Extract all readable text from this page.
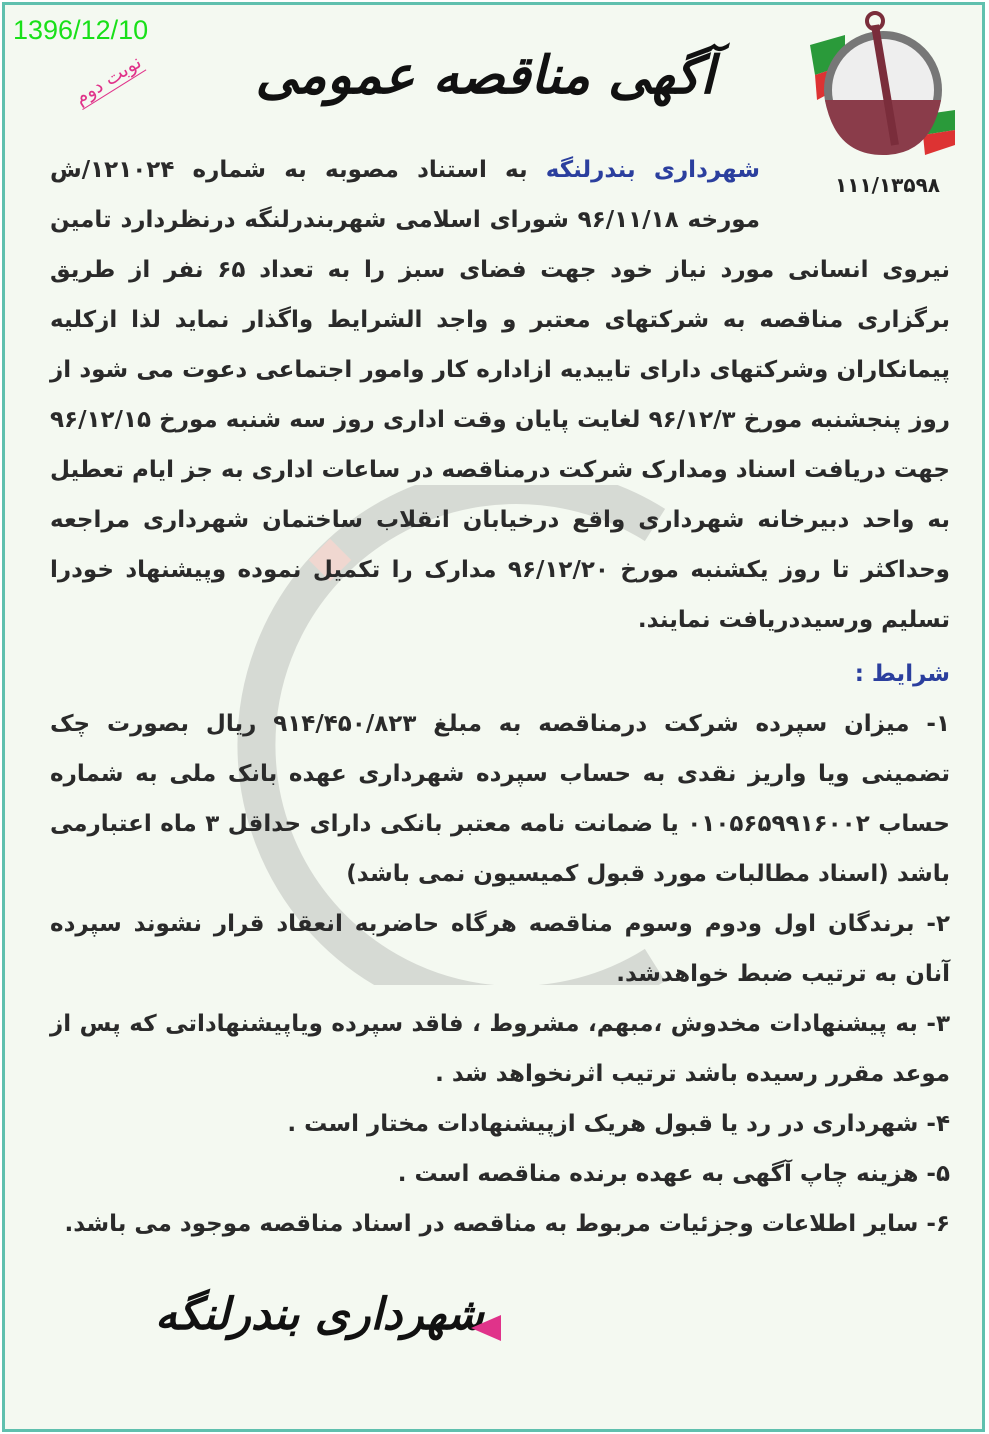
1396/12/10
نوبت دوم	آگهی مناقصه عمومی
۱۱۱/۱۳۵۹۸

شهرداری بندرلنگه به استناد مصوبه به شماره ۱۲۱۰۲۴/ش مورخه ۹۶/۱۱/۱۸ شورای اسلامی شهربندرلنگه درنظردارد تامین نیروی انسانی مورد نیاز خود جهت فضای سبز را به تعداد ۶۵ نفر از طریق برگزاری مناقصه به شرکتهای معتبر و واجد الشرایط واگذار نماید لذا ازکلیه پیمانکاران وشرکتهای دارای تاییدیه ازاداره کار وامور اجتماعی دعوت می شود از روز پنجشنبه مورخ ۹۶/۱۲/۳ لغایت پایان وقت اداری روز سه شنبه مورخ ۹۶/۱۲/۱۵ جهت دریافت اسناد ومدارک شرکت درمناقصه در ساعات اداری به جز ایام تعطیل به واحد دبیرخانه شهرداری واقع درخیابان انقلاب ساختمان شهرداری مراجعه وحداکثر تا روز یکشنبه مورخ ۹۶/۱۲/۲۰ مدارک را تکمیل نموده وپیشنهاد خودرا تسلیم ورسیددریافت نمایند.

شرایط :

۱- میزان سپرده شرکت درمناقصه به مبلغ ۹۱۴/۴۵۰/۸۲۳ ریال بصورت چک تضمینی ویا واریز نقدی به حساب سپرده شهرداری عهده بانک ملی به شماره حساب ۰۱۰۵۶۵۹۹۱۶۰۰۲ یا ضمانت نامه معتبر بانکی دارای حداقل ۳ ماه اعتبارمی باشد (اسناد مطالبات مورد قبول کمیسیون نمی باشد)

۲- برندگان اول ودوم وسوم مناقصه هرگاه حاضربه انعقاد قرار نشوند سپرده آنان به ترتیب ضبط خواهدشد.

۳- به پیشنهادات مخدوش ،مبهم، مشروط ، فاقد سپرده ویاپیشنهاداتی که پس از موعد مقرر رسیده باشد ترتیب اثرنخواهد شد .

۴- شهرداری در رد یا قبول هریک ازپیشنهادات مختار است .

۵- هزینه چاپ آگهی به عهده برنده مناقصه است .

۶- سایر اطلاعات وجزئیات مربوط به مناقصه در اسناد مناقصه موجود می باشد.

شهرداری بندرلنگه
